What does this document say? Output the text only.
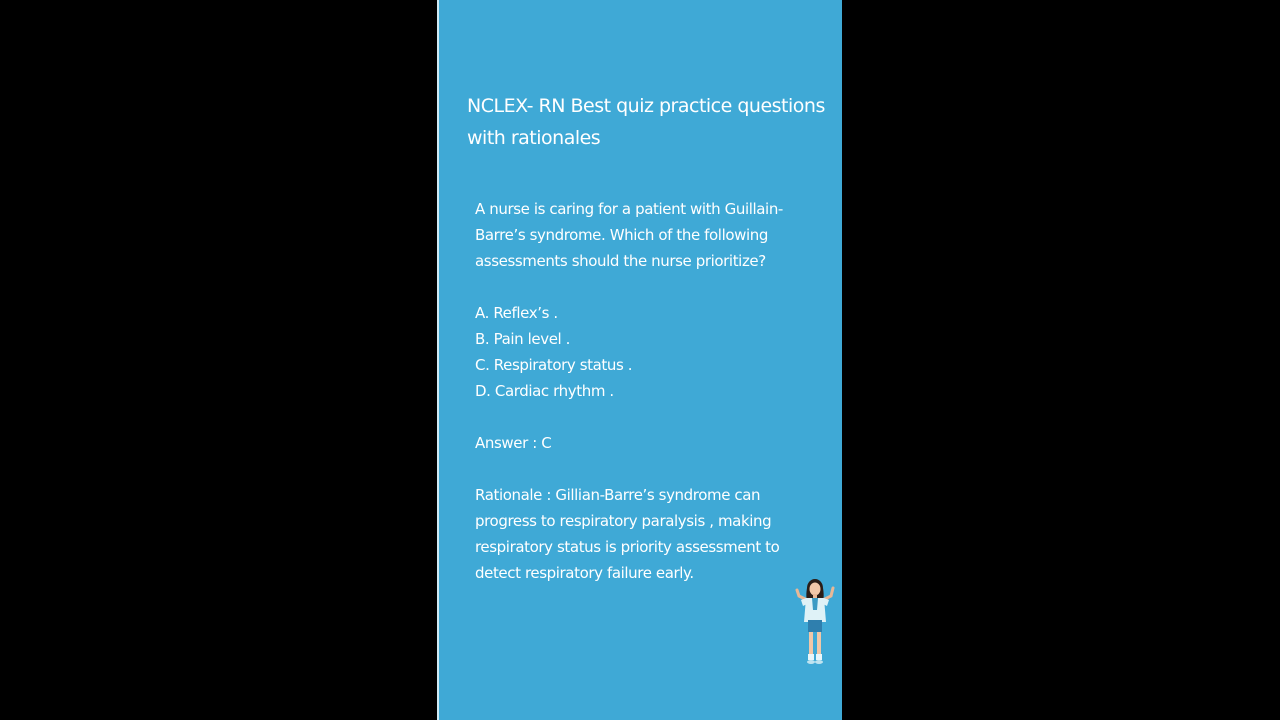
NCLEX- RN Best quiz practice questions with rationales

A nurse is caring for a patient with Guillain-Barre’s syndrome. Which of the following assessments should the nurse prioritize?

A. Reflex’s .
B. Pain level .
C. Respiratory status .
D. Cardiac rhythm .

Answer : C

Rationale : Gillian-Barre’s syndrome can progress to respiratory paralysis , making respiratory status is priority assessment to detect respiratory failure early.
